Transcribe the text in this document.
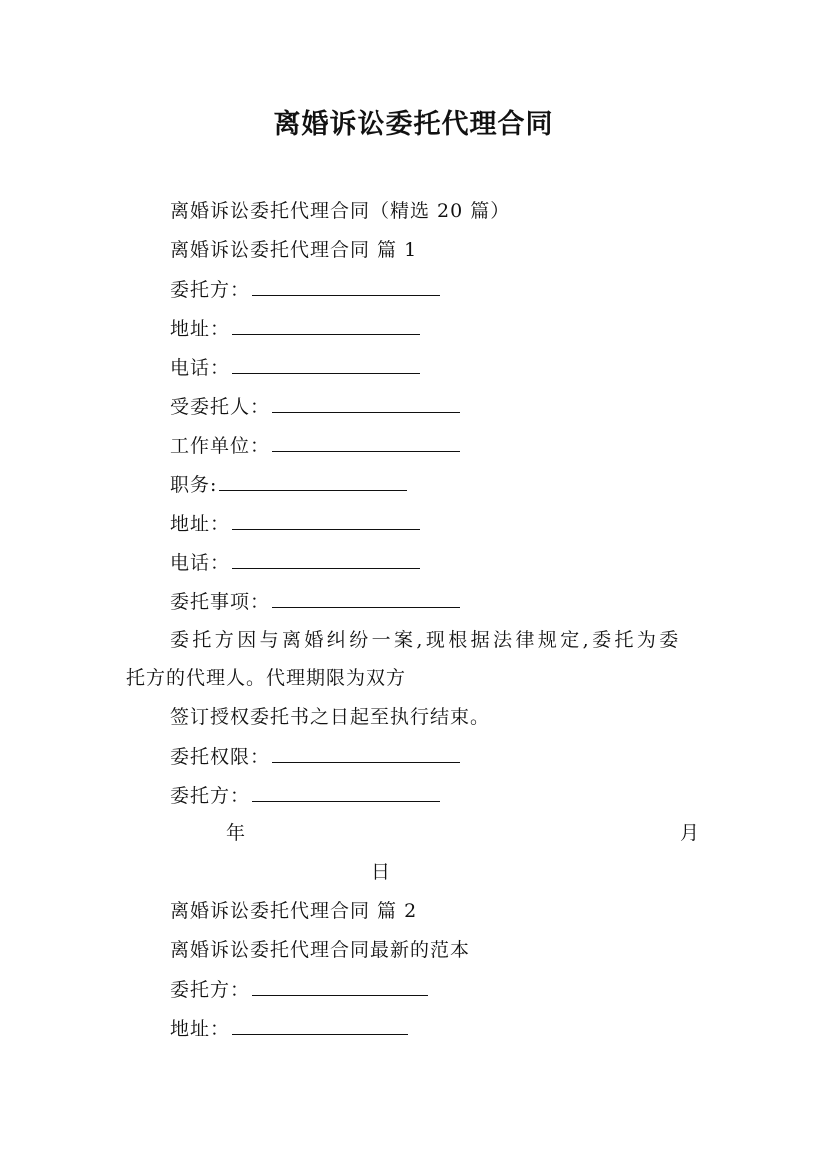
离婚诉讼委托代理合同
离婚诉讼委托代理合同（精选 20 篇）
离婚诉讼委托代理合同 篇 1
委托方：
地址：
电话：
受委托人：
工作单位：
职务:
地址：
电话：
委托事项：
委托方因与离婚纠纷一案,现根据法律规定,委托为委
托方的代理人。代理期限为双方
签订授权委托书之日起至执行结束。
委托权限：
委托方：
年	月
日
离婚诉讼委托代理合同 篇 2
离婚诉讼委托代理合同最新的范本
委托方：
地址：
